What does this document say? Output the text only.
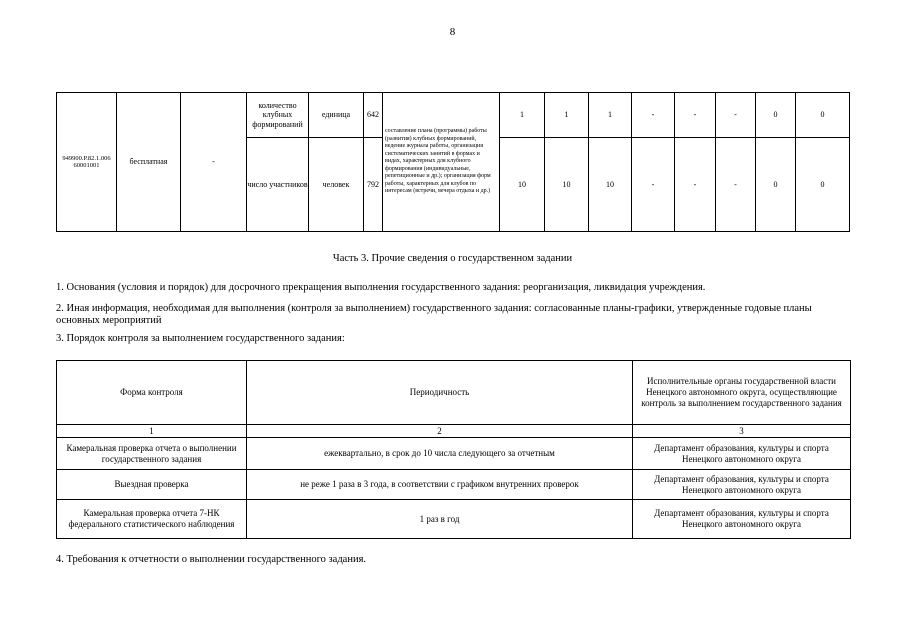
8
949900.Р.82.1.006 60001001	бесплатная	-	количество клубных формирований	единица	642	составление плана (программы) работы (развития) клубных формирований, ведение журнала работы, организация систематических занятий в формах и видах, характерных для клубного формирования (индивидуальные, репетиционные и др.); организация форм работы, характерных для клубов по интересам (встречи, вечера отдыха и др.)	1	1	1	-	-	-	0	0
			число участников	человек	792		10	10	10	-	-	-	0	0
Часть 3. Прочие сведения о государственном задании
1. Основания (условия и порядок) для досрочного прекращения выполнения государственного задания: реорганизация, ликвидация учреждения.
2. Иная информация, необходимая для выполнения (контроля за выполнением) государственного задания: согласованные планы-графики, утвержденные годовые планы основных мероприятий
3. Порядок контроля за выполнением государственного задания:
Форма контроля	Периодичность	Исполнительные органы государственной власти Ненецкого автономного округа, осуществляющие контроль за выполнением государственного задания
1	2	3
Камеральная проверка отчета о выполнении государственного задания	ежеквартально, в срок до 10 числа следующего за отчетным	Департамент образования, культуры и спорта Ненецкого автономного округа
Выездная проверка	не реже 1 раза в 3 года, в соответствии с графиком внутренних проверок	Департамент образования, культуры и спорта Ненецкого автономного округа
Камеральная проверка отчета 7-НК федерального статистического наблюдения	1 раз в год	Департамент образования, культуры и спорта Ненецкого автономного округа
4. Требования к отчетности о выполнении государственного задания.
